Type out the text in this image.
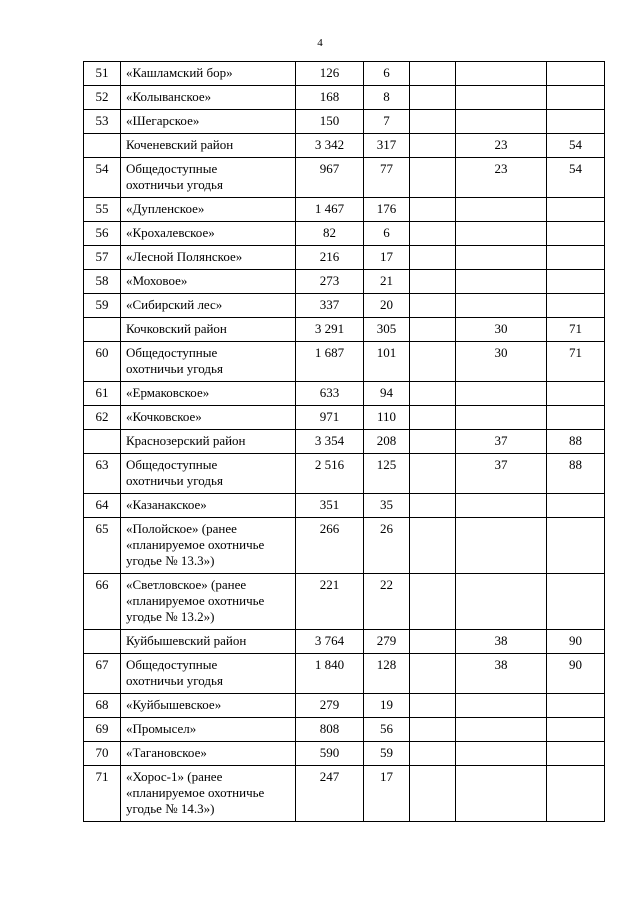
4
51	«Кашламский бор»	126	6			
52	«Колыванское»	168	8			
53	«Шегарское»	150	7			
	Коченевский район	3 342	317		23	54
54	Общедоступные
охотничьи угодья	967	77		23	54
55	«Дупленское»	1 467	176			
56	«Крохалевское»	82	6			
57	«Лесной Полянское»	216	17			
58	«Моховое»	273	21			
59	«Сибирский лес»	337	20			
	Кочковский район	3 291	305		30	71
60	Общедоступные
охотничьи угодья	1 687	101		30	71
61	«Ермаковское»	633	94			
62	«Кочковское»	971	110			
	Краснозерский район	3 354	208		37	88
63	Общедоступные
охотничьи угодья	2 516	125		37	88
64	«Казанакское»	351	35			
65	«Полойское» (ранее
«планируемое охотничье
угодье № 13.3»)	266	26			
66	«Светловское» (ранее
«планируемое охотничье
угодье № 13.2»)	221	22			
	Куйбышевский район	3 764	279		38	90
67	Общедоступные
охотничьи угодья	1 840	128		38	90
68	«Куйбышевское»	279	19			
69	«Промысел»	808	56			
70	«Тагановское»	590	59			
71	«Хорос-1» (ранее
«планируемое охотничье
угодье № 14.3»)	247	17			
